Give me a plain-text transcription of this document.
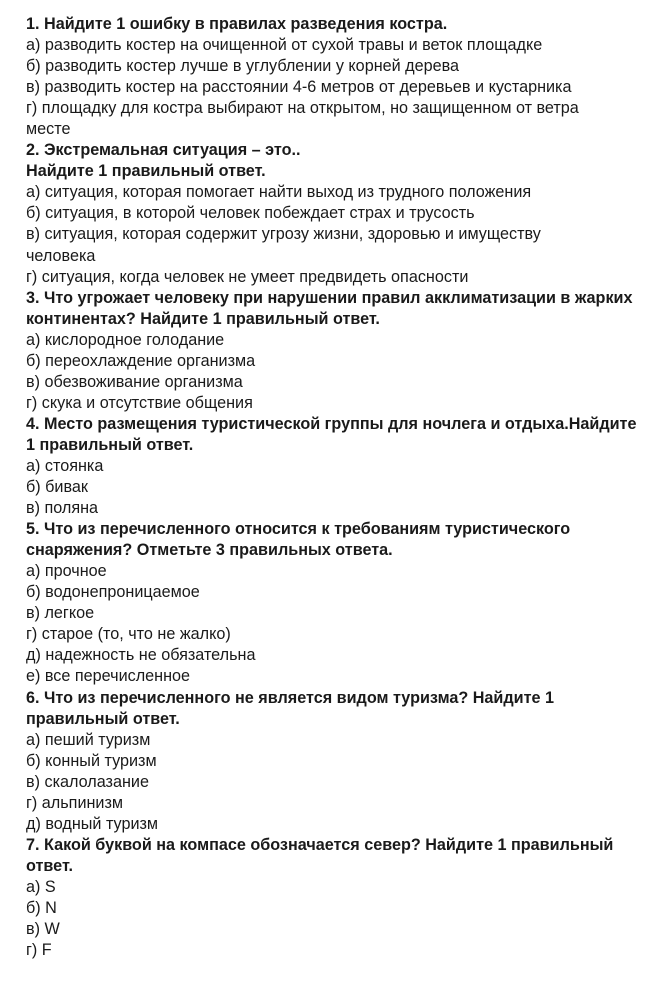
1. Найдите 1 ошибку в правилах разведения костра.
а) разводить костер на очищенной от сухой травы и веток площадке
б) разводить костер лучше в углублении у корней дерева
в) разводить костер на расстоянии 4-6 метров от деревьев и кустарника
г) площадку для костра выбирают на открытом, но защищенном от ветра
месте
2. Экстремальная ситуация – это..
Найдите 1 правильный ответ.
а) ситуация, которая помогает найти выход из трудного положения
б) ситуация, в которой человек побеждает страх и трусость
в) ситуация, которая содержит угрозу жизни, здоровью и имуществу
человека
г) ситуация, когда человек не умеет предвидеть опасности
3. Что угрожает человеку при нарушении правил акклиматизации в жарких
континентах? Найдите 1 правильный ответ.
а) кислородное голодание
б) переохлаждение организма
в) обезвоживание организма
г) скука и отсутствие общения
4. Место размещения туристической группы для ночлега и отдыха.Найдите
1 правильный ответ.
а) стоянка
б) бивак
в) поляна
5. Что из перечисленного относится к требованиям туристического
снаряжения? Отметьте 3 правильных ответа.
а) прочное
б) водонепроницаемое
в) легкое
г) старое (то, что не жалко)
д) надежность не обязательна
е) все перечисленное
6. Что из перечисленного не является видом туризма? Найдите 1
правильный ответ.
а) пеший туризм
б) конный туризм
в) скалолазание
г) альпинизм
д) водный туризм
7. Какой буквой на компасе обозначается север? Найдите 1 правильный
ответ.
а) S
б) N
в) W
г) F
